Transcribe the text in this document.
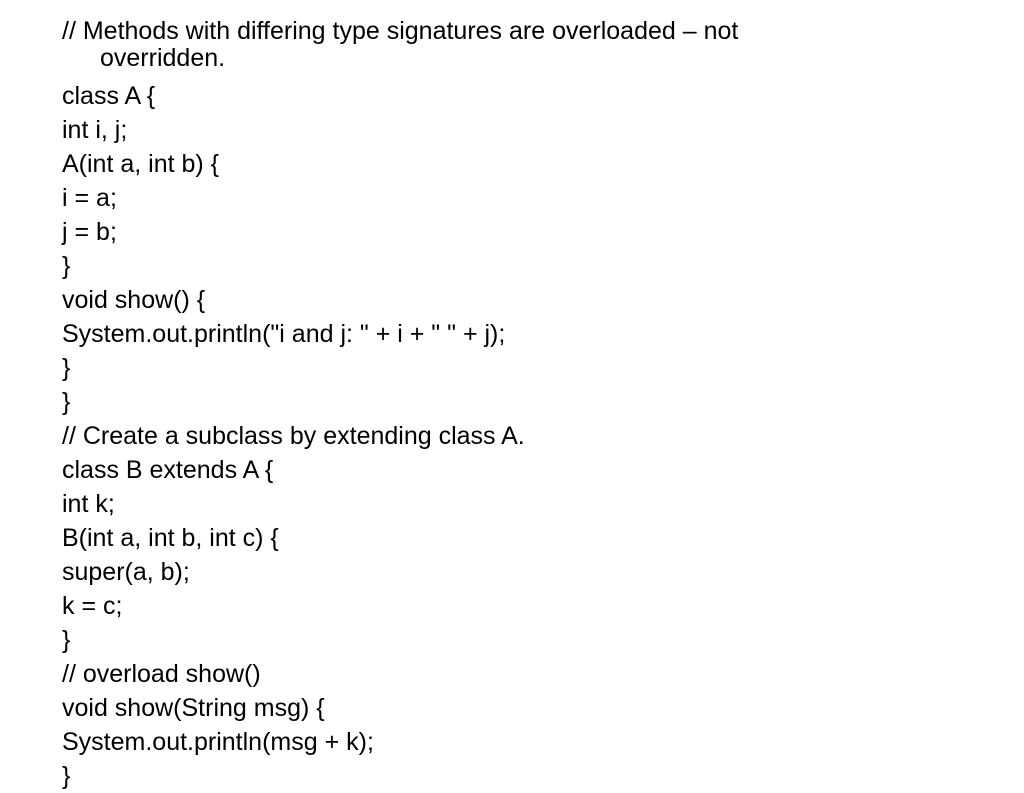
// Methods with differing type signatures are overloaded – not
overridden.
class A {
int i, j;
A(int a, int b) {
i = a;
j = b;
}
void show() {
System.out.println("i and j: " + i + " " + j);
}
}
// Create a subclass by extending class A.
class B extends A {
int k;
B(int a, int b, int c) {
super(a, b);
k = c;
}
// overload show()
void show(String msg) {
System.out.println(msg + k);
}
